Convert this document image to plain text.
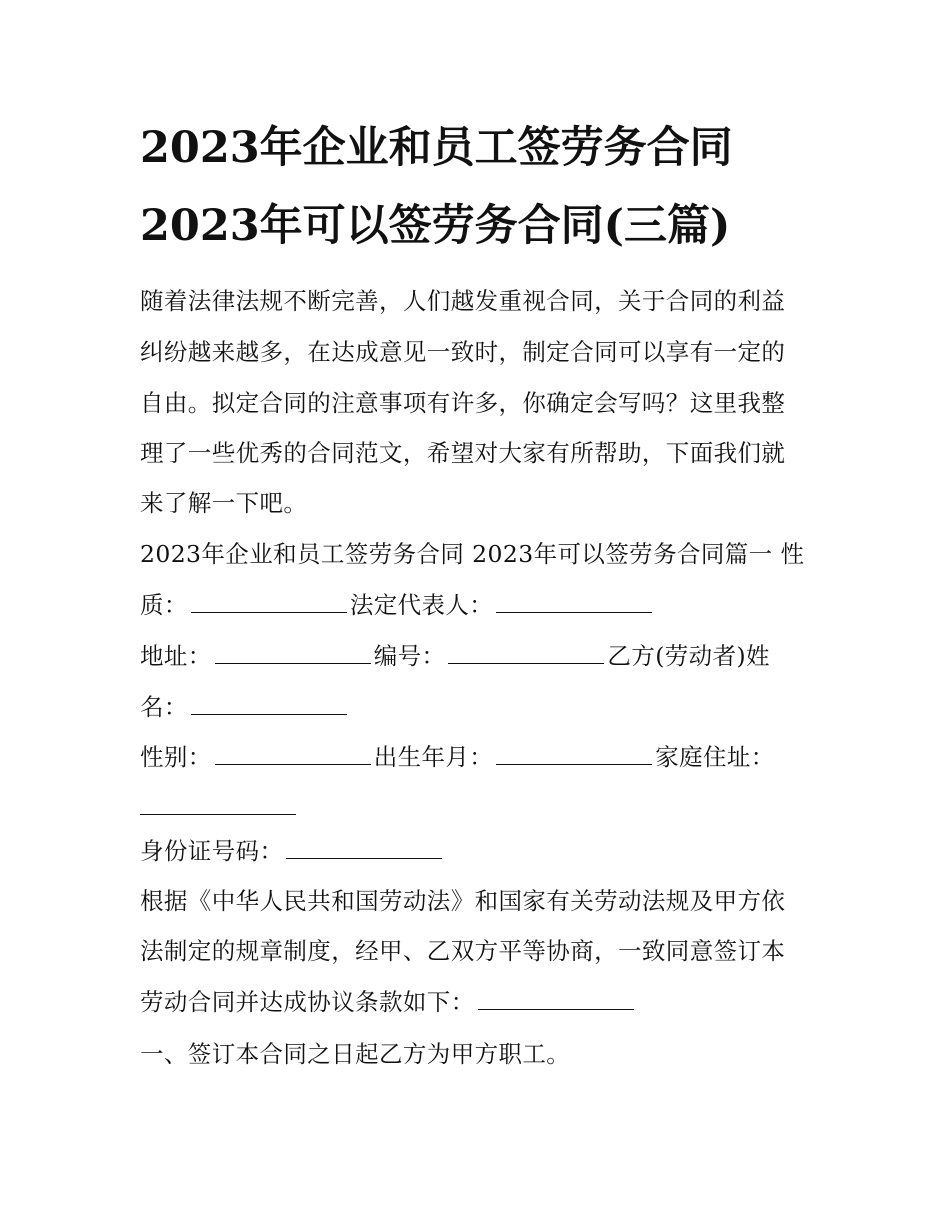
2023年企业和员工签劳务合同
2023年可以签劳务合同(三篇)

随着法律法规不断完善，人们越发重视合同，关于合同的利益

纠纷越来越多，在达成意见一致时，制定合同可以享有一定的

自由。拟定合同的注意事项有许多，你确定会写吗？这里我整

理了一些优秀的合同范文，希望对大家有所帮助，下面我们就

来了解一下吧。

2023年企业和员工签劳务合同 2023年可以签劳务合同篇一 性

质：	法定代表人：

地址：	编号：	乙方(劳动者)姓

名：

性别：	出生年月：	家庭住址：

身份证号码：

根据《中华人民共和国劳动法》和国家有关劳动法规及甲方依

法制定的规章制度，经甲、乙双方平等协商，一致同意签订本

劳动合同并达成协议条款如下：

一、签订本合同之日起乙方为甲方职工。
